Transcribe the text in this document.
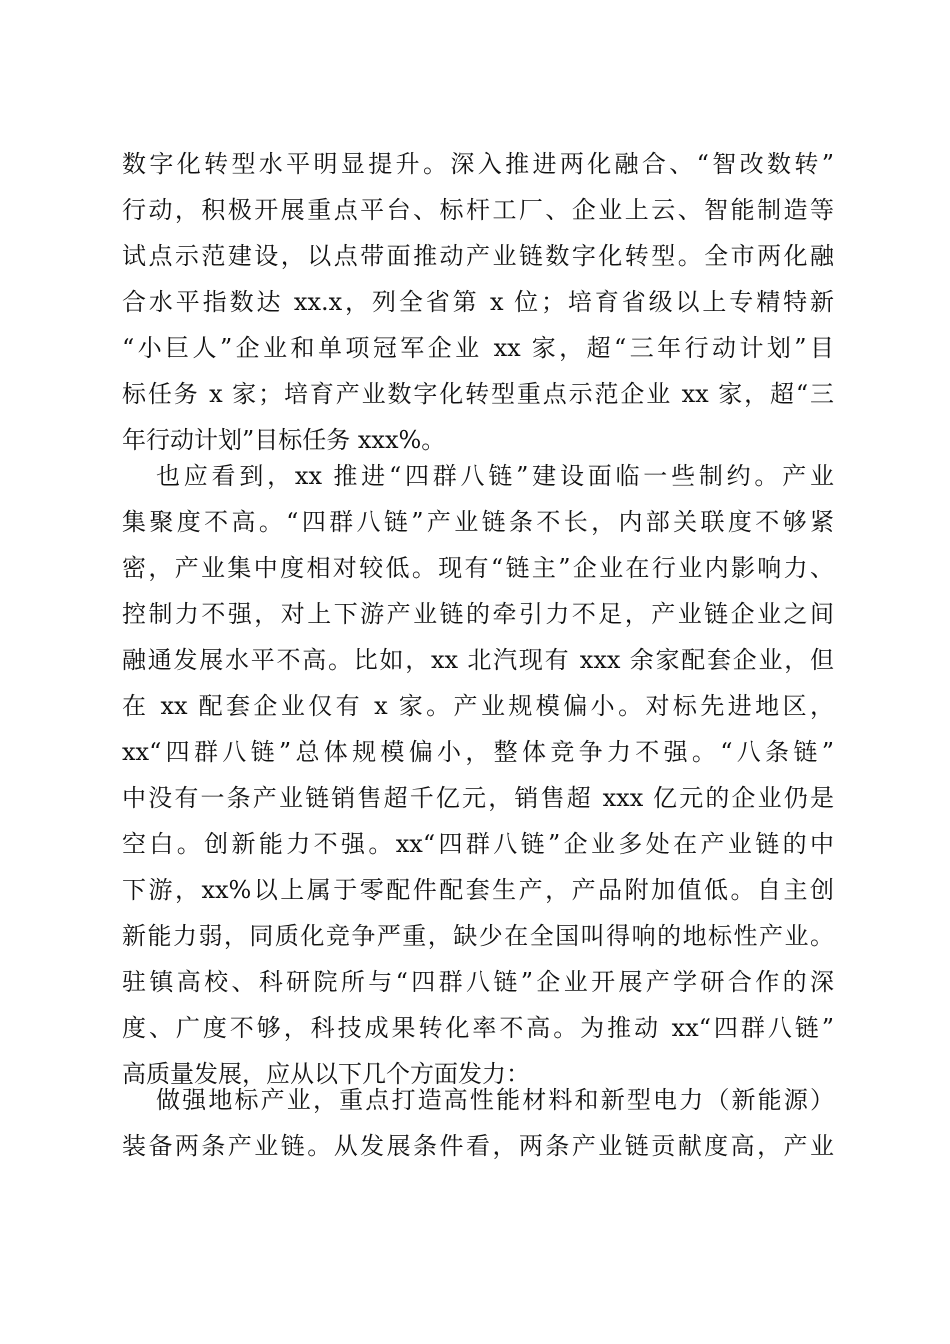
数字化转型水平明显提升。深入推进两化融合、“智改数转”
行动，积极开展重点平台、标杆工厂、企业上云、智能制造等
试点示范建设，以点带面推动产业链数字化转型。全市两化融
合水平指数达 xx.x，列全省第 x 位；培育省级以上专精特新
“小巨人”企业和单项冠军企业 xx 家，超“三年行动计划”目
标任务 x 家；培育产业数字化转型重点示范企业 xx 家，超“三
年行动计划”目标任务 xxx%。
也应看到，xx 推进“四群八链”建设面临一些制约。产业
集聚度不高。“四群八链”产业链条不长，内部关联度不够紧
密，产业集中度相对较低。现有“链主”企业在行业内影响力、
控制力不强，对上下游产业链的牵引力不足，产业链企业之间
融通发展水平不高。比如，xx 北汽现有 xxx 余家配套企业，但
在 xx 配套企业仅有 x 家。产业规模偏小。对标先进地区，
xx“四群八链”总体规模偏小，整体竞争力不强。“八条链”
中没有一条产业链销售超千亿元，销售超 xxx 亿元的企业仍是
空白。创新能力不强。xx“四群八链”企业多处在产业链的中
下游，xx%以上属于零配件配套生产，产品附加值低。自主创
新能力弱，同质化竞争严重，缺少在全国叫得响的地标性产业。
驻镇高校、科研院所与“四群八链”企业开展产学研合作的深
度、广度不够，科技成果转化率不高。为推动 xx“四群八链”
高质量发展，应从以下几个方面发力：
做强地标产业，重点打造高性能材料和新型电力（新能源）
装备两条产业链。从发展条件看，两条产业链贡献度高，产业
